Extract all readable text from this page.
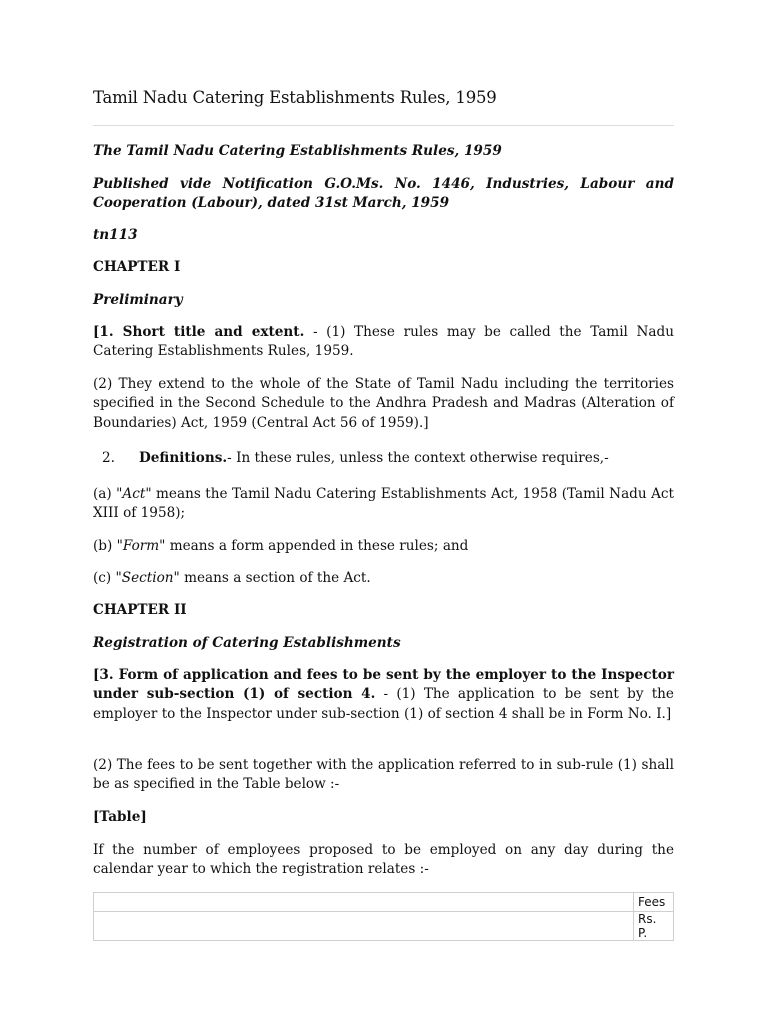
Tamil Nadu Catering Establishments Rules, 1959

The Tamil Nadu Catering Establishments Rules, 1959

Published vide Notification G.O.Ms. No. 1446, Industries, Labour and Cooperation (Labour), dated 31st March, 1959

tn113

CHAPTER I

Preliminary

[1. Short title and extent. - (1) These rules may be called the Tamil Nadu Catering Establishments Rules, 1959.

(2) They extend to the whole of the State of Tamil Nadu including the territories specified in the Second Schedule to the Andhra Pradesh and Madras (Alteration of Boundaries) Act, 1959 (Central Act 56 of 1959).]

2. Definitions.- In these rules, unless the context otherwise requires,-

(a) "Act" means the Tamil Nadu Catering Establishments Act, 1958 (Tamil Nadu Act XIII of 1958);

(b) "Form" means a form appended in these rules; and

(c) "Section" means a section of the Act.

CHAPTER II

Registration of Catering Establishments

[3. Form of application and fees to be sent by the employer to the Inspector under sub-section (1) of section 4. - (1) The application to be sent by the employer to the Inspector under sub-section (1) of section 4 shall be in Form No. I.]

(2) The fees to be sent together with the application referred to in sub-rule (1) shall be as specified in the Table below :-

[Table]

If the number of employees proposed to be employed on any day during the calendar year to which the registration relates :-

	Fees
	Rs. P.
